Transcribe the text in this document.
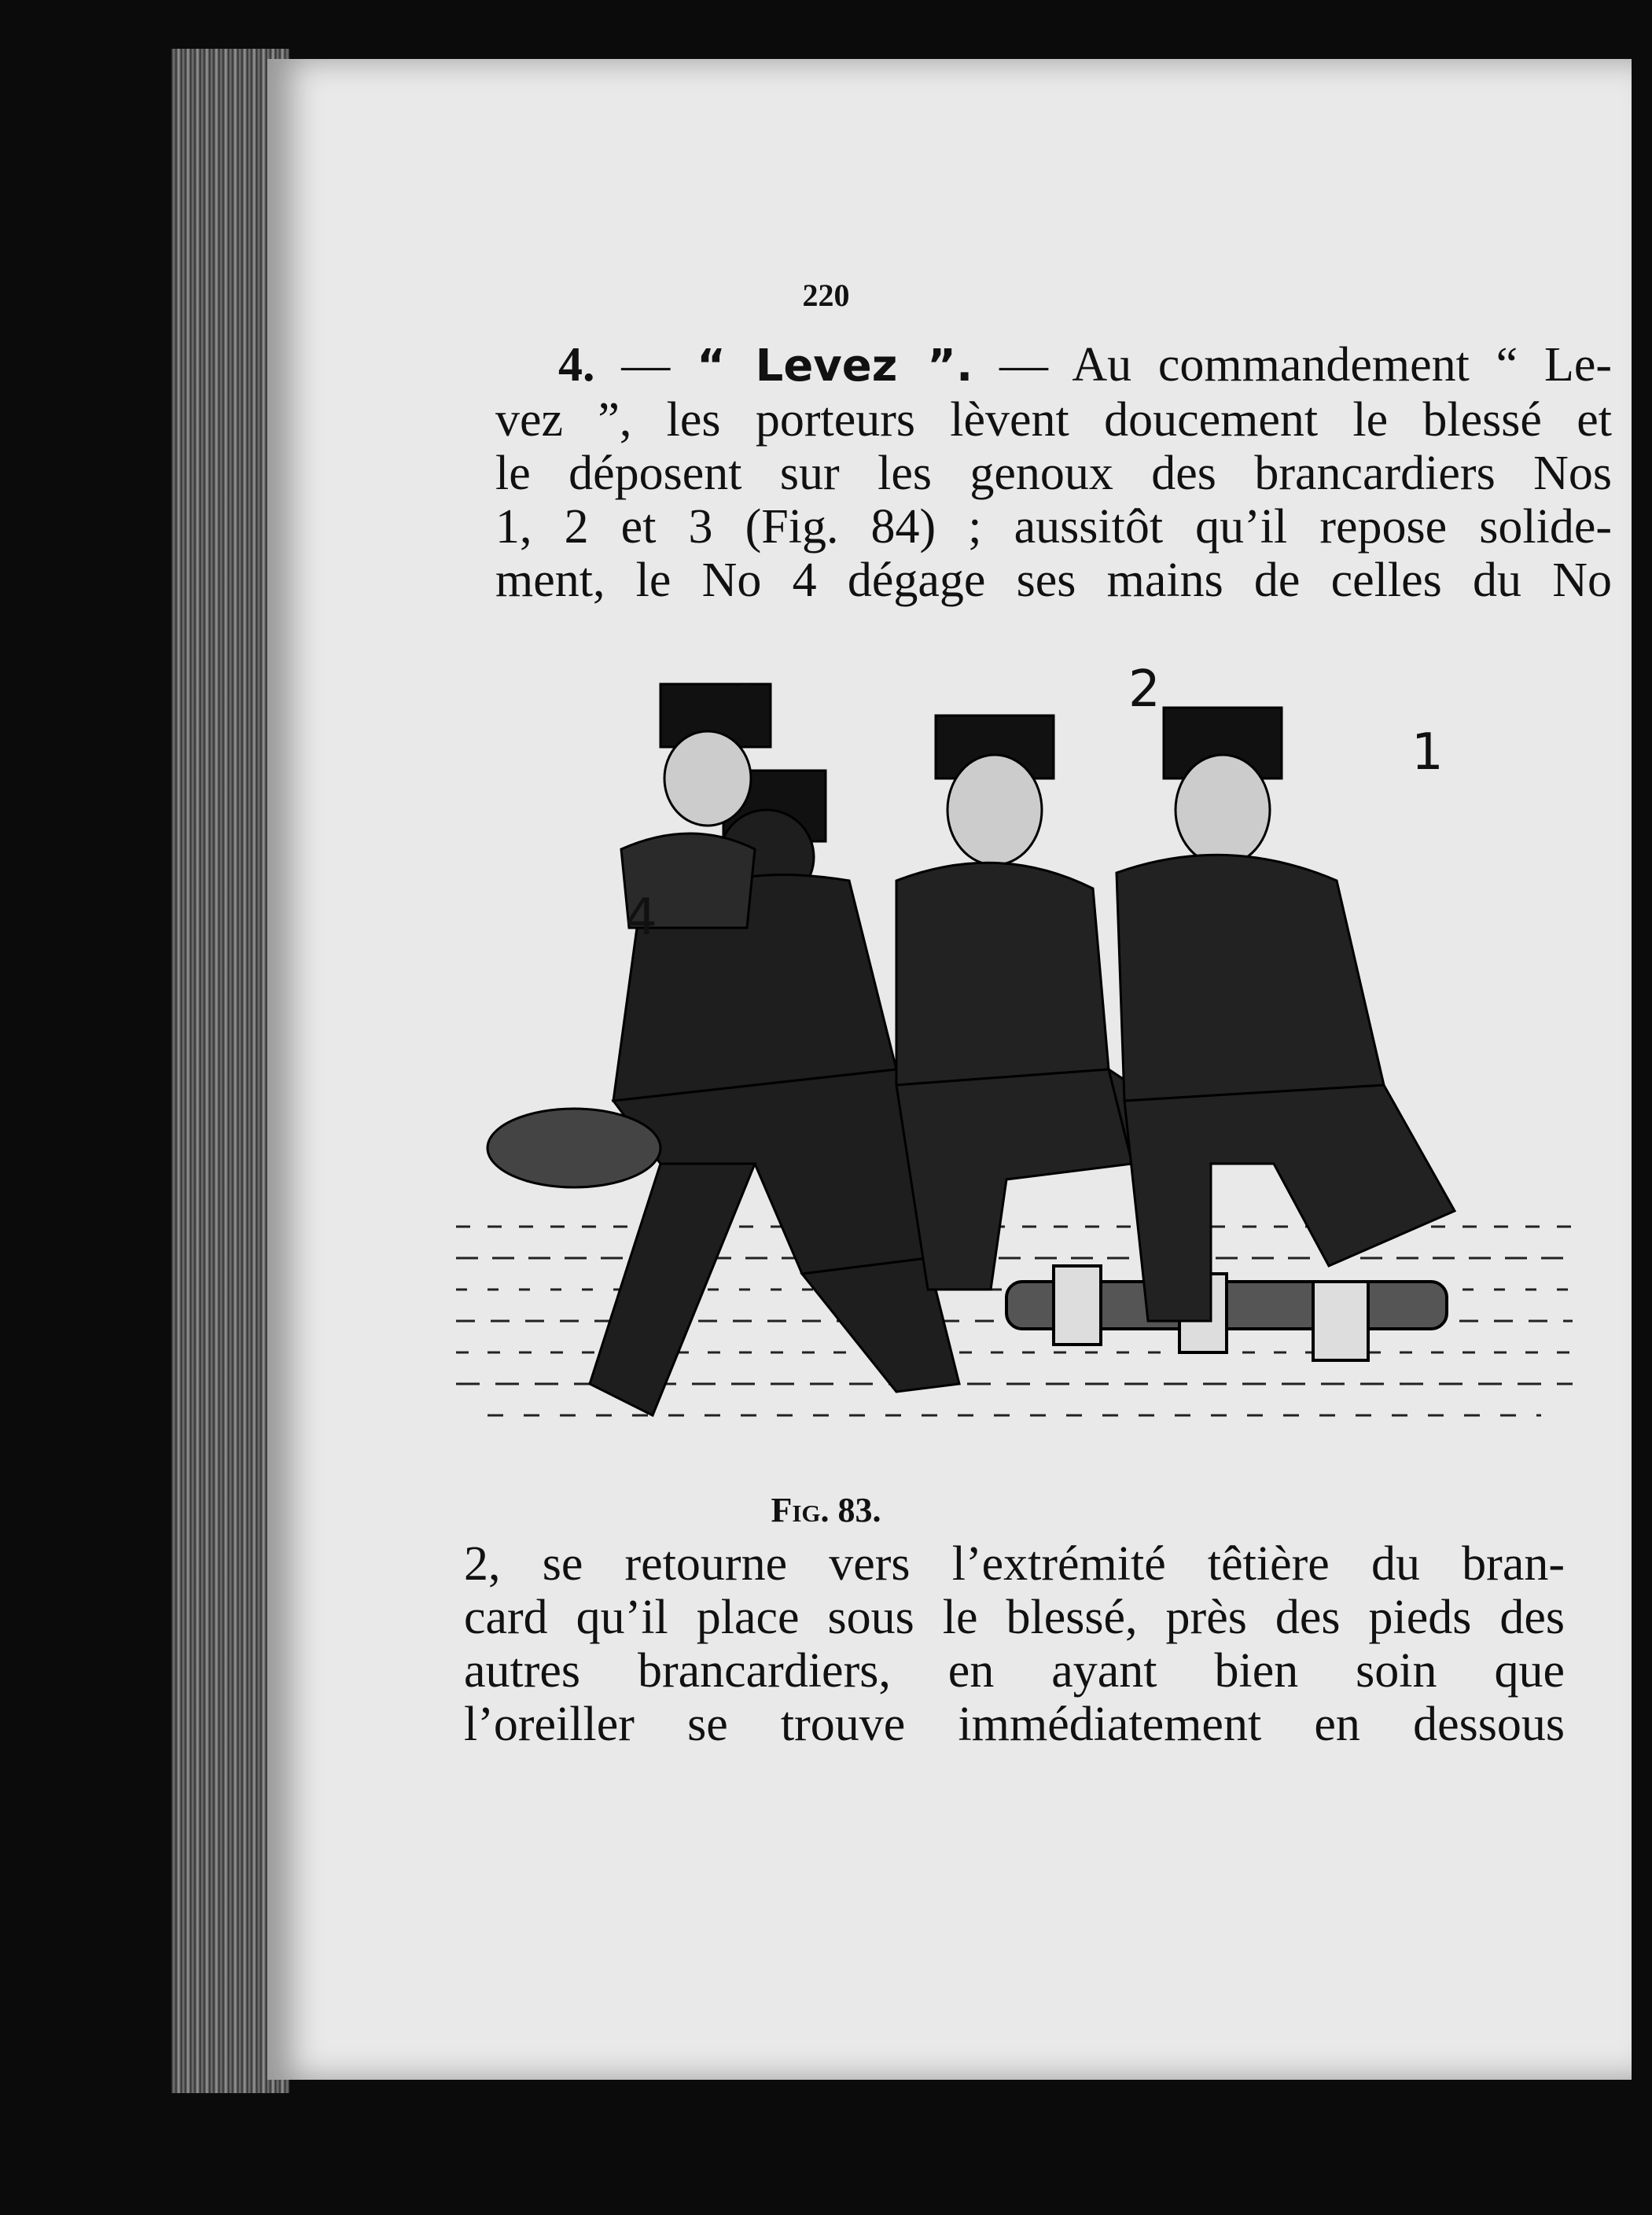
220
4. — “ Levez ”. — Au commandement “ Le-
vez ”, les porteurs lèvent doucement le blessé et
le déposent sur les genoux des brancardiers Nos
1, 2 et 3 (Fig. 84) ; aussitôt qu’il repose solide-
ment, le No 4 dégage ses mains de celles du No
3	2
1
4
Fig. 83.
2, se retourne vers l’extrémité têtière du bran-
card qu’il place sous le blessé, près des pieds des
autres brancardiers, en ayant bien soin que
l’oreiller se trouve immédiatement en dessous
